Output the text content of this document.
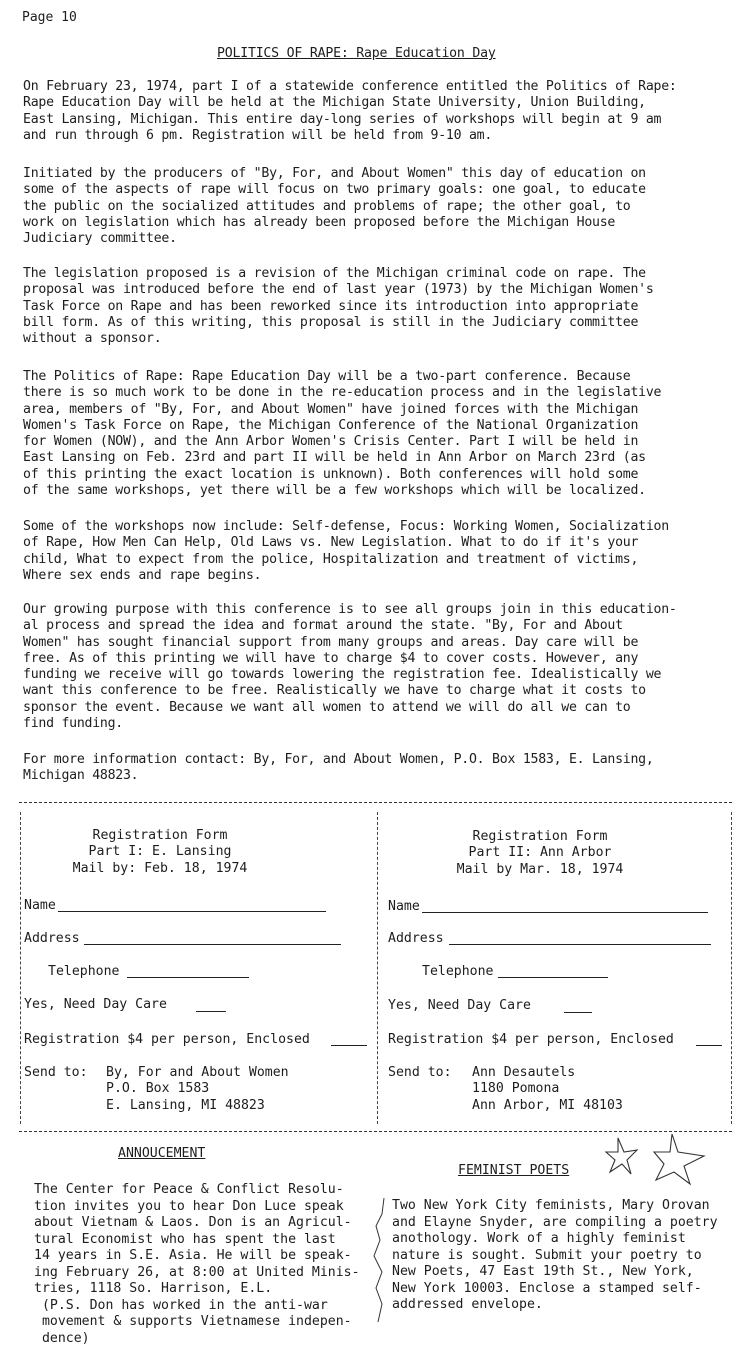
Page 10
POLITICS OF RAPE: Rape Education Day
On February 23, 1974, part I of a statewide conference entitled the Politics of Rape:
Rape Education Day will be held at the Michigan State University, Union Building,
East Lansing, Michigan. This entire day-long series of workshops will begin at 9 am
and run through 6 pm. Registration will be held from 9-10 am.
Initiated by the producers of "By, For, and About Women" this day of education on
some of the aspects of rape will focus on two primary goals: one goal, to educate
the public on the socialized attitudes and problems of rape; the other goal, to
work on legislation which has already been proposed before the Michigan House
Judiciary committee.
The legislation proposed is a revision of the Michigan criminal code on rape. The
proposal was introduced before the end of last year (1973) by the Michigan Women's
Task Force on Rape and has been reworked since its introduction into appropriate
bill form. As of this writing, this proposal is still in the Judiciary committee
without a sponsor.
The Politics of Rape: Rape Education Day will be a two-part conference. Because
there is so much work to be done in the re-education process and in the legislative
area, members of "By, For, and About Women" have joined forces with the Michigan
Women's Task Force on Rape, the Michigan Conference of the National Organization
for Women (NOW), and the Ann Arbor Women's Crisis Center. Part I will be held in
East Lansing on Feb. 23rd and part II will be held in Ann Arbor on March 23rd (as
of this printing the exact location is unknown). Both conferences will hold some
of the same workshops, yet there will be a few workshops which will be localized.
Some of the workshops now include: Self-defense, Focus: Working Women, Socialization
of Rape, How Men Can Help, Old Laws vs. New Legislation. What to do if it's your
child, What to expect from the police, Hospitalization and treatment of victims,
Where sex ends and rape begins.
Our growing purpose with this conference is to see all groups join in this education-
al process and spread the idea and format around the state. "By, For and About
Women" has sought financial support from many groups and areas. Day care will be
free. As of this printing we will have to charge $4 to cover costs. However, any
funding we receive will go towards lowering the registration fee. Idealistically we
want this conference to be free. Realistically we have to charge what it costs to
sponsor the event. Because we want all women to attend we will do all we can to
find funding.
For more information contact: By, For, and About Women, P.O. Box 1583, E. Lansing,
Michigan 48823.
Registration Form
Part I: E. Lansing
Mail by: Feb. 18, 1974
Name
Address
Telephone
Yes, Need Day Care
Registration $4 per person, Enclosed
Send to: By, For and About Women
P.O. Box 1583
E. Lansing, MI 48823
Registration Form
Part II: Ann Arbor
Mail by Mar. 18, 1974
Name
Address
Telephone
Yes, Need Day Care
Registration $4 per person, Enclosed
Send to: Ann Desautels
1180 Pomona
Ann Arbor, MI 48103
ANNOUCEMENT
The Center for Peace & Conflict Resolu-
tion invites you to hear Don Luce speak
about Vietnam & Laos. Don is an Agricul-
tural Economist who has spent the last
14 years in S.E. Asia. He will be speak-
ing February 26, at 8:00 at United Minis-
tries, 1118 So. Harrison, E.L.
(P.S. Don has worked in the anti-war
movement & supports Vietnamese indepen-
dence)
FEMINIST POETS
Two New York City feminists, Mary Orovan
and Elayne Snyder, are compiling a poetry
anothology. Work of a highly feminist
nature is sought. Submit your poetry to
New Poets, 47 East 19th St., New York,
New York 10003. Enclose a stamped self-
addressed envelope.
